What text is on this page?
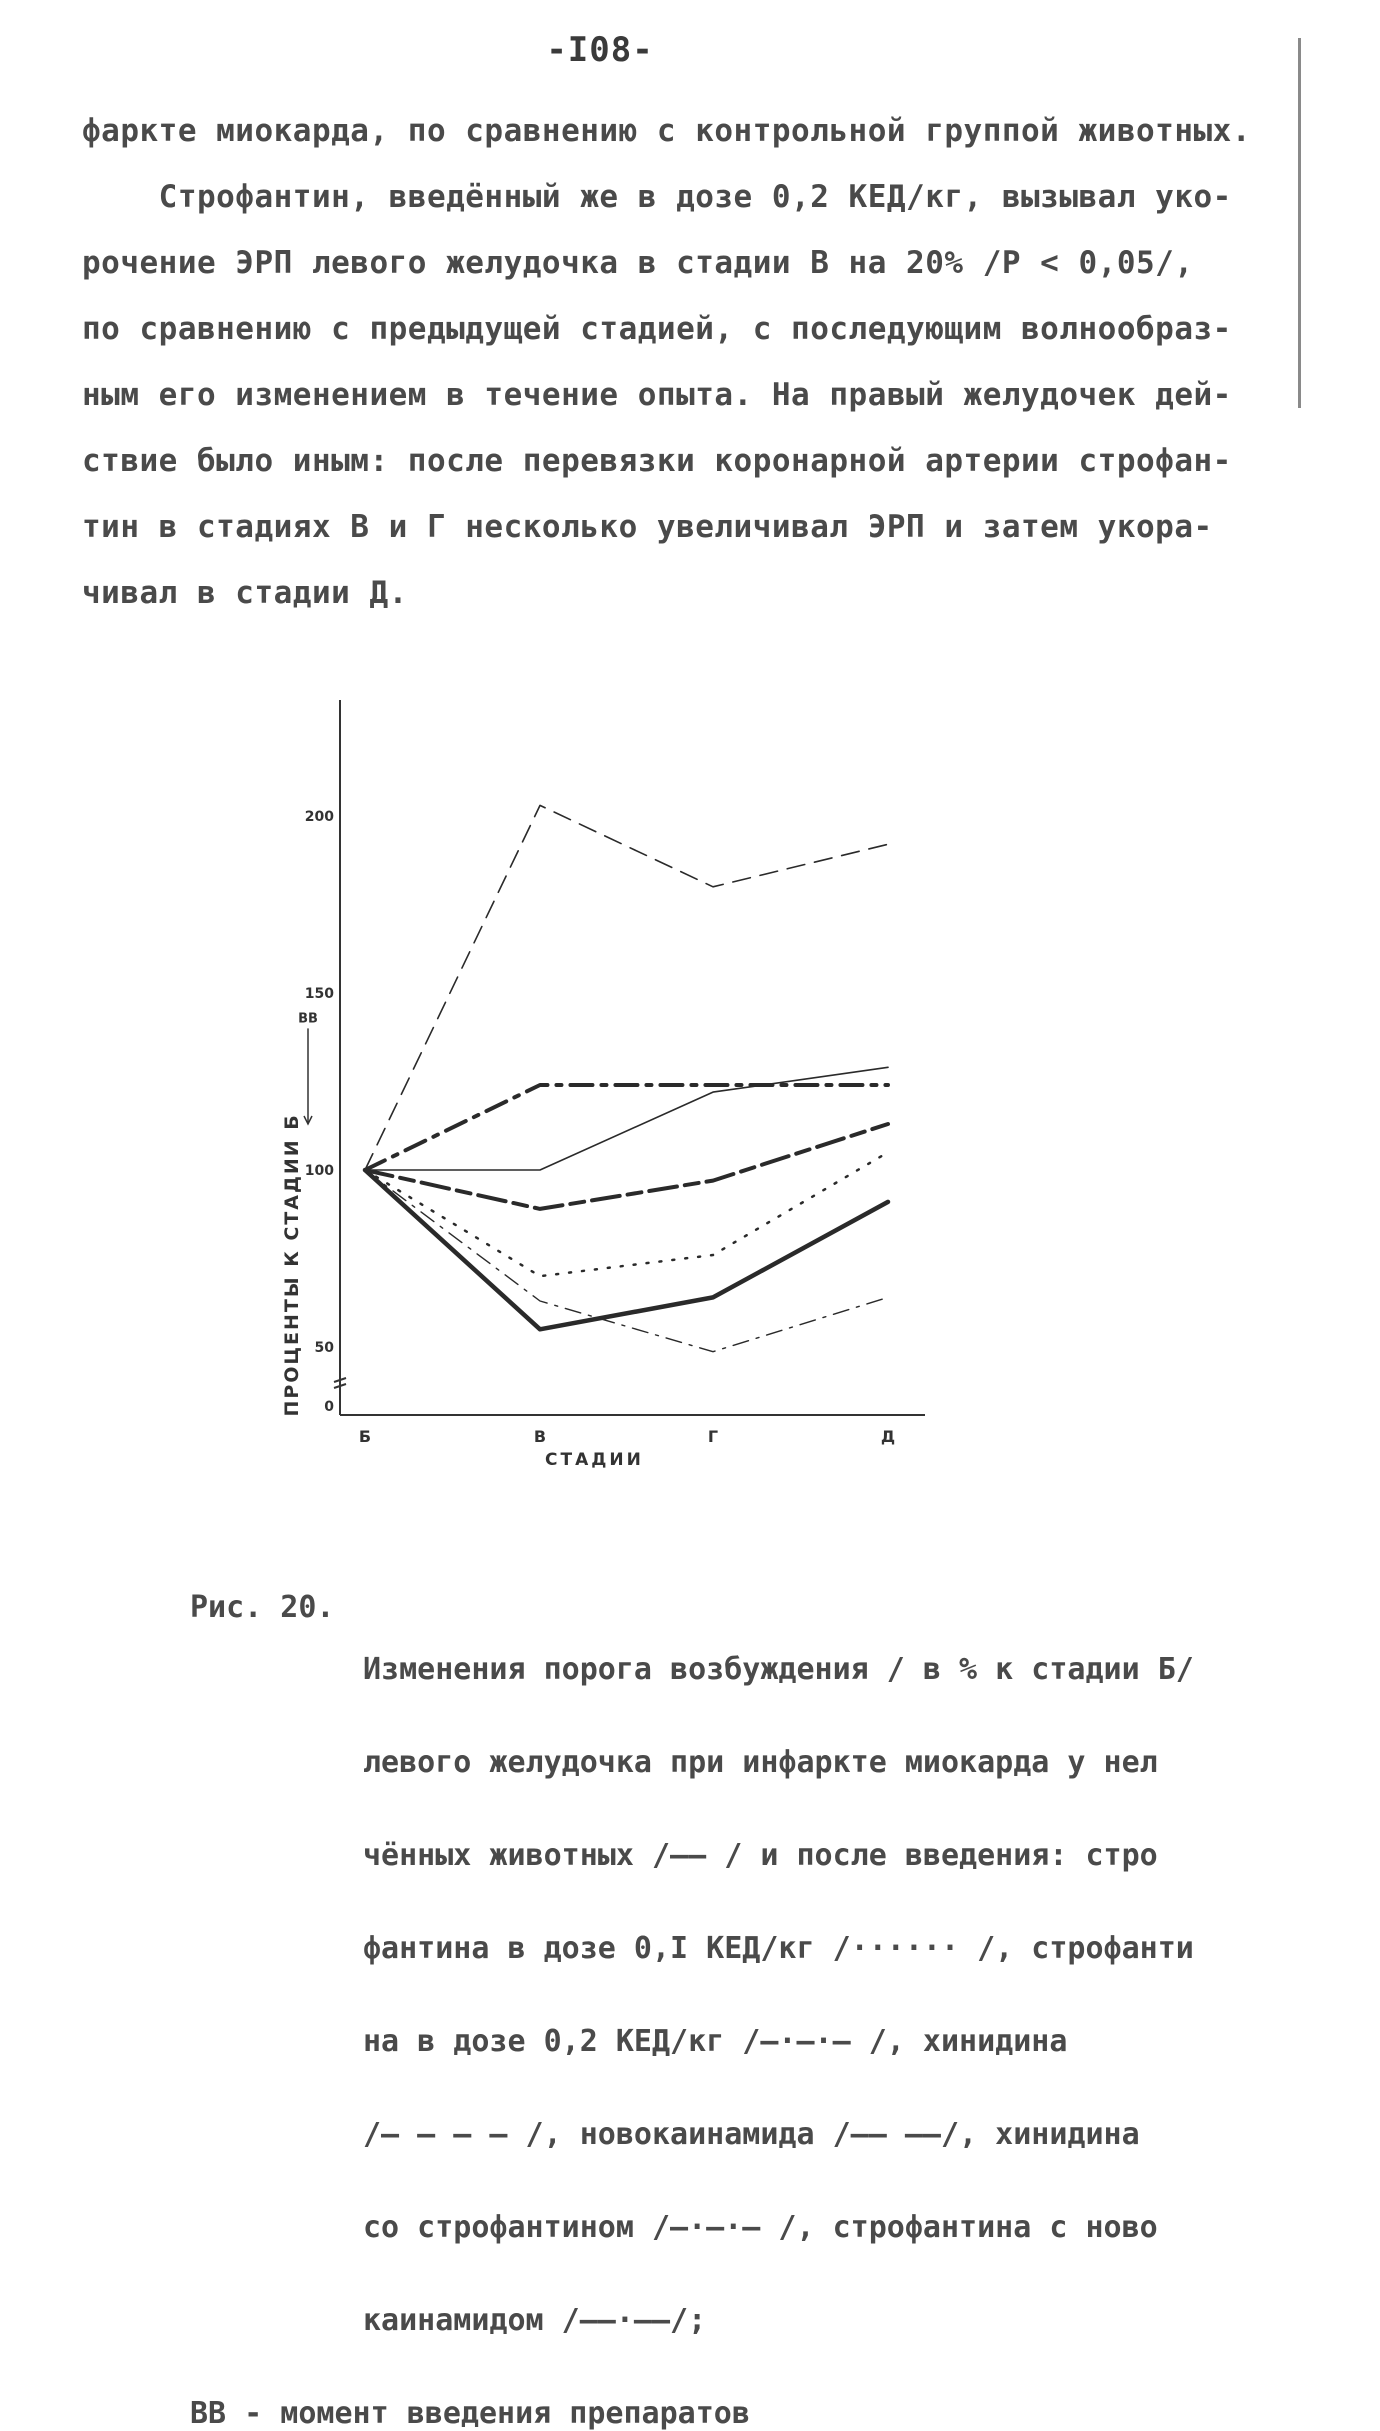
-I08-
фаркте миокарда, по сравнению с контрольной группой животных.
Строфантин, введённый же в дозе 0,2 КЕД/кг, вызывал уко-
рочение ЭРП левого желудочка в стадии В на 20% /Р < 0,05/,
по сравнению с предыдущей стадией, с последующим волнообраз-
ным его изменением в течение опыта. На правый желудочек дей-
ствие было иным: после перевязки коронарной артерии строфан-
тин в стадиях В и Г несколько увеличивал ЭРП и затем укора-
чивал в стадии Д.
0
50
100
150
200
Б	В	Г	Д
СТАДИИ
ПРОЦЕНТЫ К СТАДИИ Б
ВВ
Рис. 20.

Изменения порога возбуждения / в % к стадии Б/

левого желудочка при инфаркте миокарда у нел

чённых животных /—— / и после введения: стро

фантина в дозе 0,I КЕД/кг /······ /, строфанти

на в дозе 0,2 КЕД/кг /—·—·— /, хинидина

/– – – – /, новокаинамида /—— ——/, хинидина

со строфантином /—·—·— /, строфантина с ново

каинамидом /——·——/;

ВВ - момент введения препаратов
